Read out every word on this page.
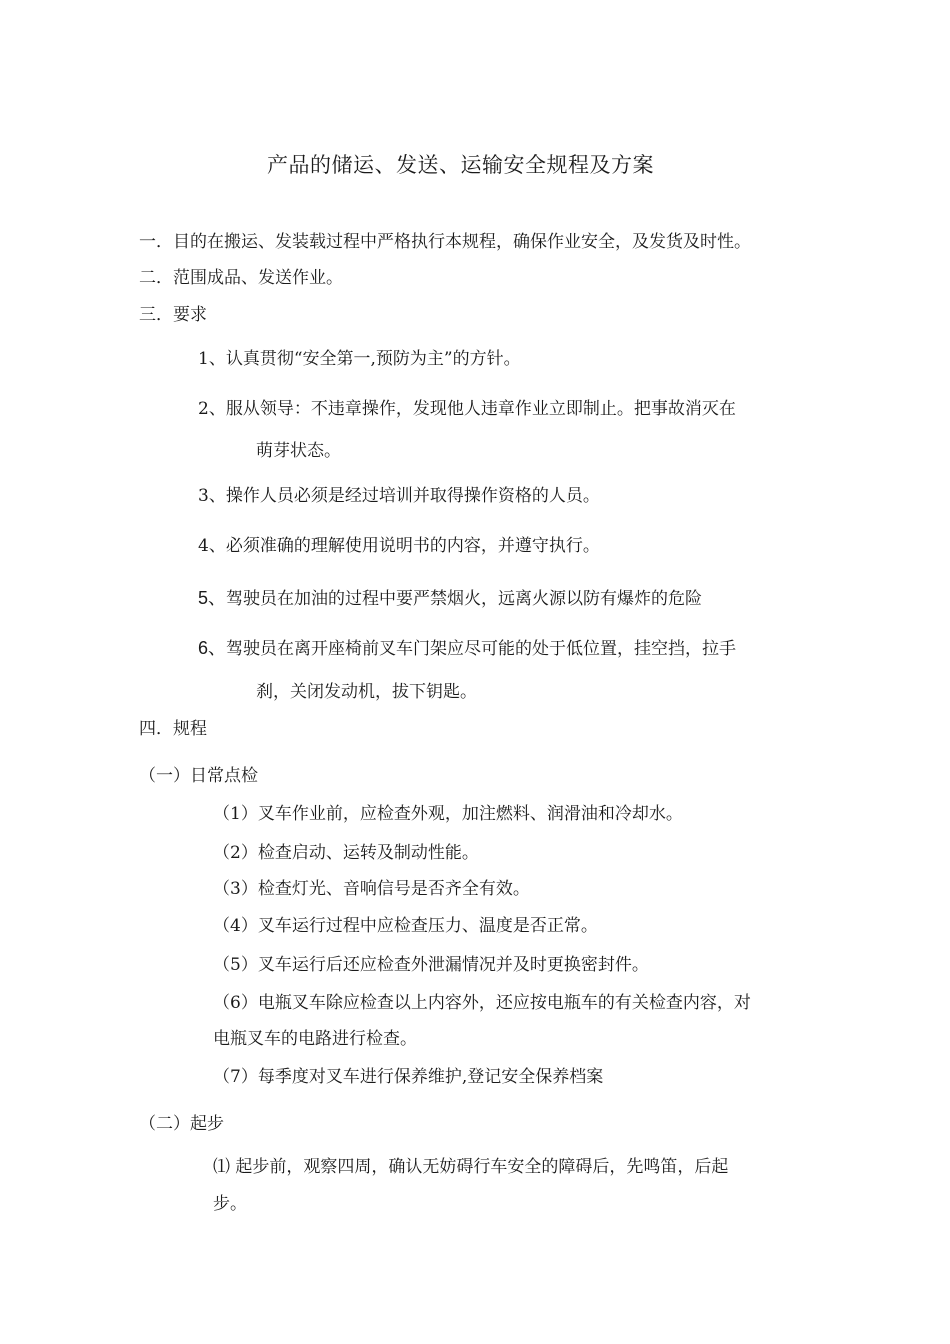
产品的储运、发送、运输安全规程及方案
一．目的在搬运、发装载过程中严格执行本规程，确保作业安全，及发货及时性。
二．范围成品、发送作业。
三．要求
1、认真贯彻“安全第一,预防为主”的方针。
2、服从领导：不违章操作，发现他人违章作业立即制止。把事故消灭在
萌芽状态。
3、操作人员必须是经过培训并取得操作资格的人员。
4、必须准确的理解使用说明书的内容，并遵守执行。
5、驾驶员在加油的过程中要严禁烟火，远离火源以防有爆炸的危险
6、驾驶员在离开座椅前叉车门架应尽可能的处于低位置，挂空挡，拉手
刹，关闭发动机，拔下钥匙。
四．规程
（一）日常点检
（1）叉车作业前，应检查外观，加注燃料、润滑油和冷却水。
（2）检查启动、运转及制动性能。
（3）检查灯光、音响信号是否齐全有效。
（4）叉车运行过程中应检查压力、温度是否正常。
（5）叉车运行后还应检查外泄漏情况并及时更换密封件。
（6）电瓶叉车除应检查以上内容外，还应按电瓶车的有关检查内容，对
电瓶叉车的电路进行检查。
（7）每季度对叉车进行保养维护,登记安全保养档案
（二）起步
⑴ 起步前，观察四周，确认无妨碍行车安全的障碍后，先鸣笛，后起
步。
